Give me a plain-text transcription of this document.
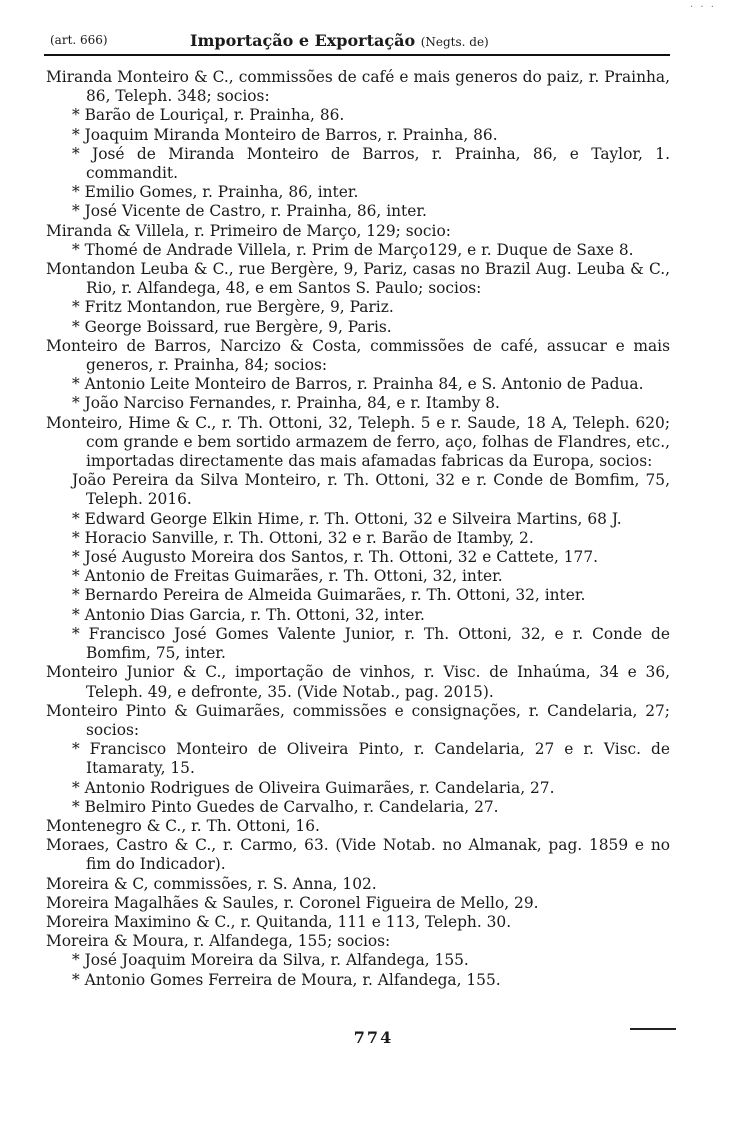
· · ·
(art. 666)	Importação e Exportação (Negts. de)
Miranda Monteiro & C., commissões de café e mais generos do paiz, r. Prainha, 86, Teleph. 348; socios:
* Barão de Louriçal, r. Prainha, 86.
* Joaquim Miranda Monteiro de Barros, r. Prainha, 86.
* José de Miranda Monteiro de Barros, r. Prainha, 86, e Taylor, 1. commandit.
* Emilio Gomes, r. Prainha, 86, inter.
* José Vicente de Castro, r. Prainha, 86, inter.
Miranda & Villela, r. Primeiro de Março, 129; socio:
* Thomé de Andrade Villela, r. Prim de Março129, e r. Duque de Saxe 8.
Montandon Leuba & C., rue Bergère, 9, Pariz, casas no Brazil Aug. Leuba & C., Rio, r. Alfandega, 48, e em Santos S. Paulo; socios:
* Fritz Montandon, rue Bergère, 9, Pariz.
* George Boissard, rue Bergère, 9, Paris.
Monteiro de Barros, Narcizo & Costa, commissões de café, assucar e mais generos, r. Prainha, 84; socios:
* Antonio Leite Monteiro de Barros, r. Prainha 84, e S. Antonio de Padua.
* João Narciso Fernandes, r. Prainha, 84, e r. Itamby 8.
Monteiro, Hime & C., r. Th. Ottoni, 32, Teleph. 5 e r. Saude, 18 A, Teleph. 620; com grande e bem sortido armazem de ferro, aço, folhas de Flandres, etc., importadas directamente das mais afamadas fabricas da Europa, socios:
João Pereira da Silva Monteiro, r. Th. Ottoni, 32 e r. Conde de Bomfim, 75, Teleph. 2016.
* Edward George Elkin Hime, r. Th. Ottoni, 32 e Silveira Martins, 68 J.
* Horacio Sanville, r. Th. Ottoni, 32 e r. Barão de Itamby, 2.
* José Augusto Moreira dos Santos, r. Th. Ottoni, 32 e Cattete, 177.
* Antonio de Freitas Guimarães, r. Th. Ottoni, 32, inter.
* Bernardo Pereira de Almeida Guimarães, r. Th. Ottoni, 32, inter.
* Antonio Dias Garcia, r. Th. Ottoni, 32, inter.
* Francisco José Gomes Valente Junior, r. Th. Ottoni, 32, e r. Conde de Bomfim, 75, inter.
Monteiro Junior & C., importação de vinhos, r. Visc. de Inhaúma, 34 e 36, Teleph. 49, e defronte, 35. (Vide Notab., pag. 2015).
Monteiro Pinto & Guimarães, commissões e consignações, r. Candelaria, 27; socios:
* Francisco Monteiro de Oliveira Pinto, r. Candelaria, 27 e r. Visc. de Itamaraty, 15.
* Antonio Rodrigues de Oliveira Guimarães, r. Candelaria, 27.
* Belmiro Pinto Guedes de Carvalho, r. Candelaria, 27.
Montenegro & C., r. Th. Ottoni, 16.
Moraes, Castro & C., r. Carmo, 63. (Vide Notab. no Almanak, pag. 1859 e no fim do Indicador).
Moreira & C, commissões, r. S. Anna, 102.
Moreira Magalhães & Saules, r. Coronel Figueira de Mello, 29.
Moreira Maximino & C., r. Quitanda, 111 e 113, Teleph. 30.
Moreira & Moura, r. Alfandega, 155; socios:
* José Joaquim Moreira da Silva, r. Alfandega, 155.
* Antonio Gomes Ferreira de Moura, r. Alfandega, 155.
774
